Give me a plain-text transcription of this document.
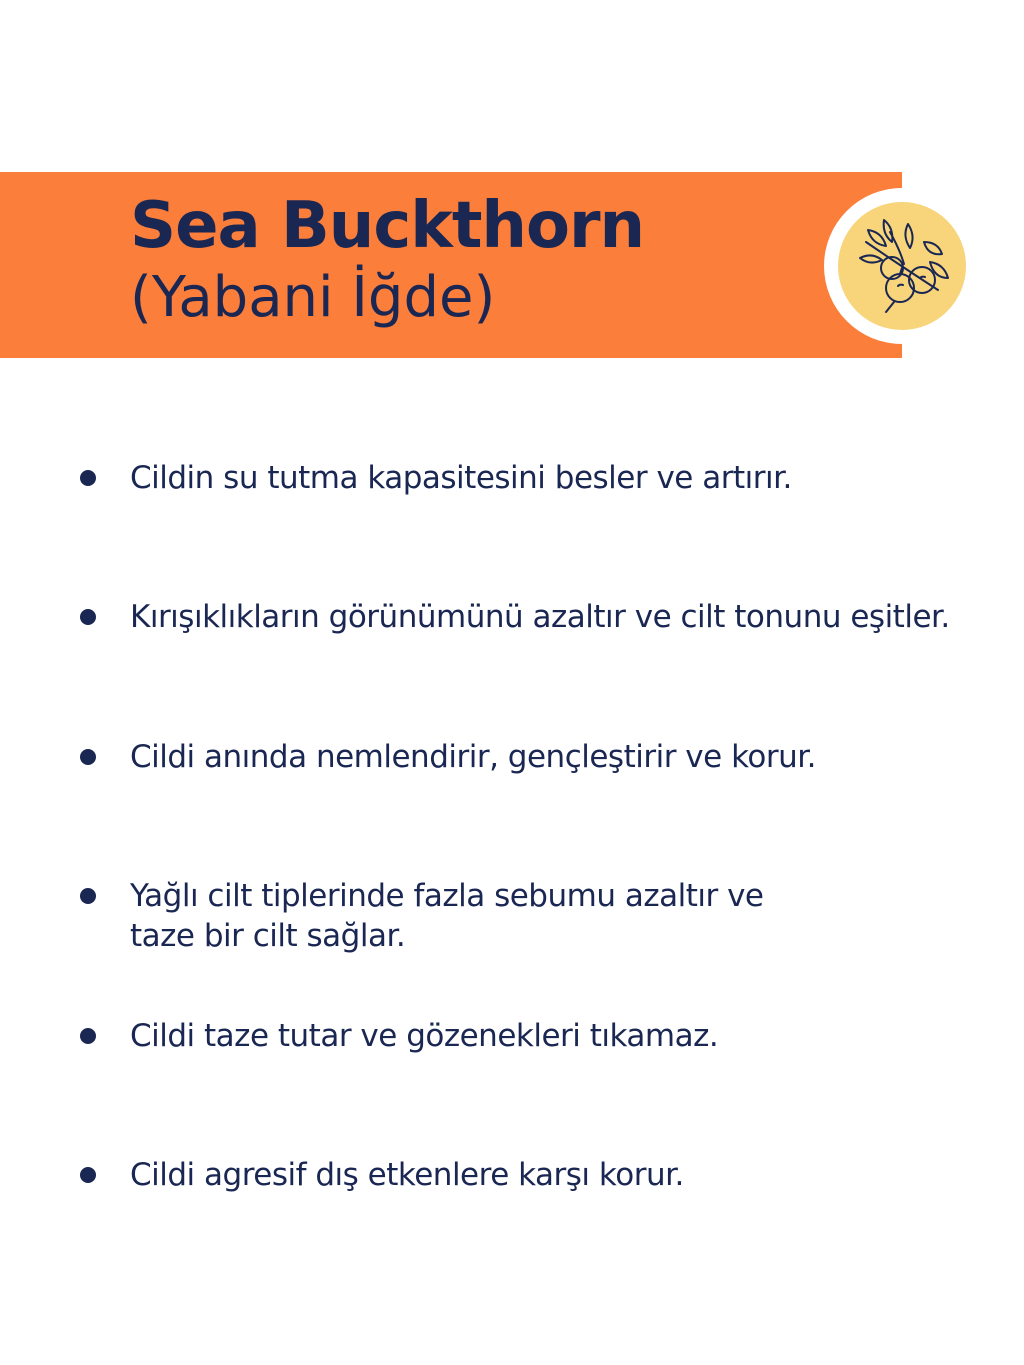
Sea Buckthorn
(Yabani İğde)
Cildin su tutma kapasitesini besler ve artırır.
Kırışıklıkların görünümünü azaltır ve cilt tonunu eşitler.
Cildi anında nemlendirir, gençleştirir ve korur.
Yağlı cilt tiplerinde fazla sebumu azaltır ve
taze bir cilt sağlar.
Cildi taze tutar ve gözenekleri tıkamaz.
Cildi agresif dış etkenlere karşı korur.
